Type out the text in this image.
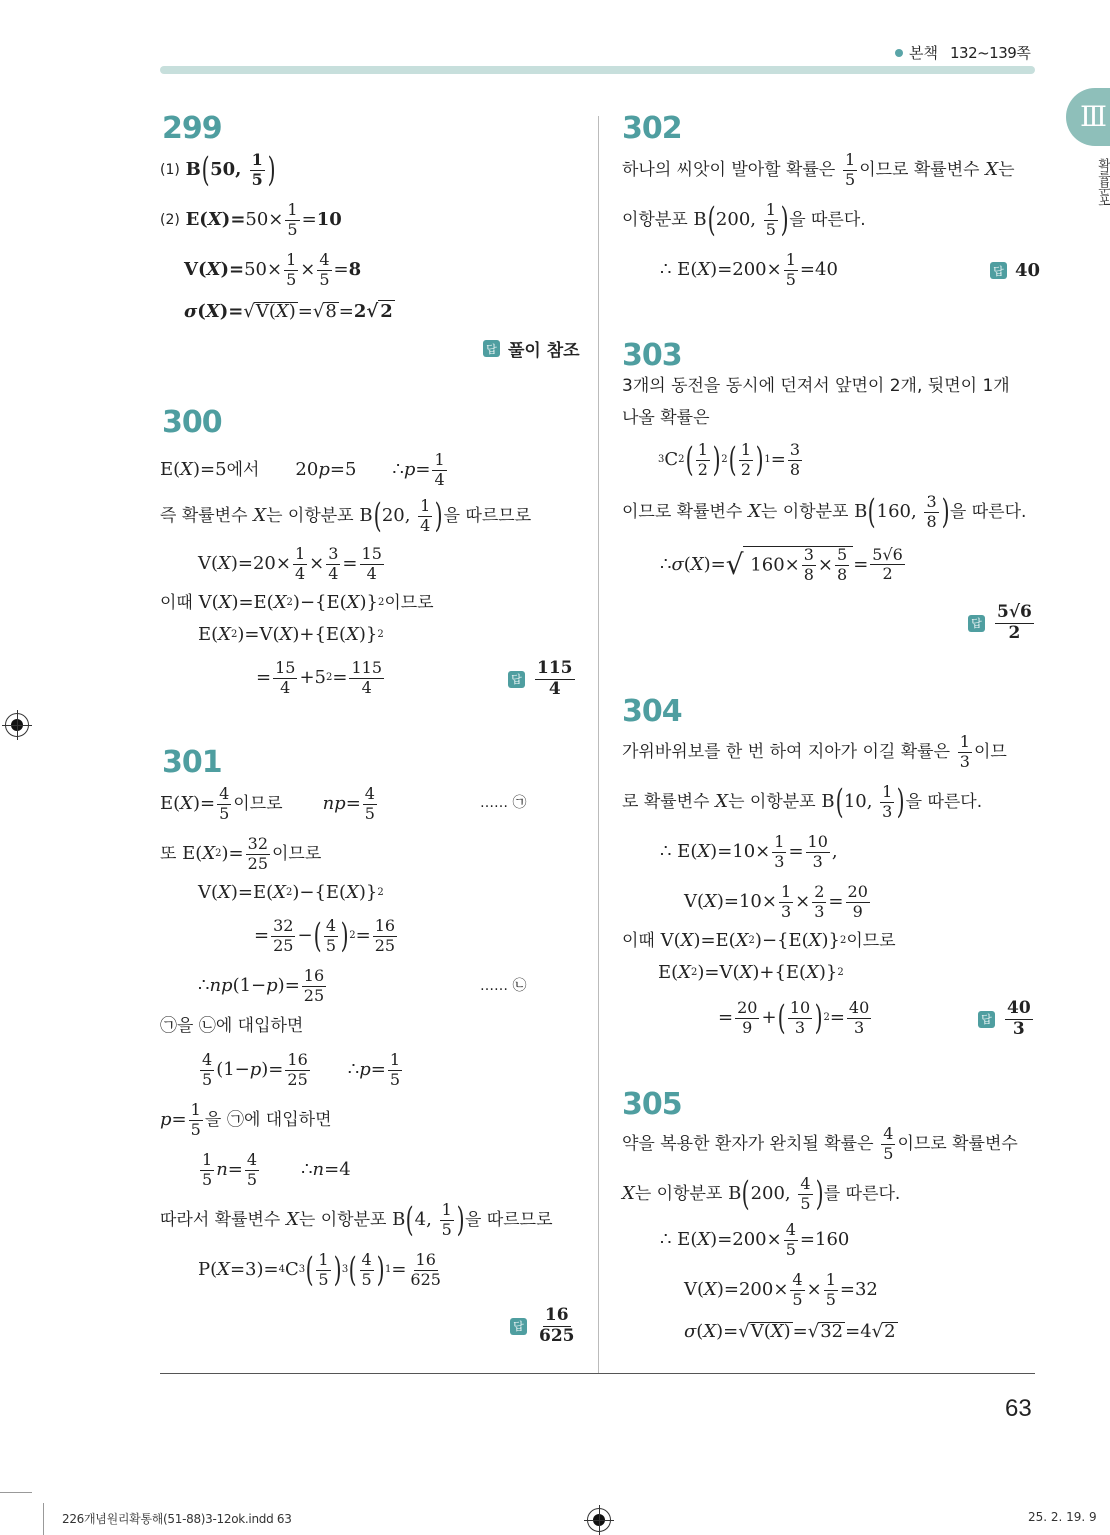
본책 132~139쪽
Ⅲ
확률분포
299
(1)
B ( 50, $\frac{1}{5}$ )
(2)
$E(X)= 50\times \frac{1}{5} = 10$
$V(X)= 50\times \frac{1}{5} \times \frac{4}{5} = 8$
σ (X)= √ V(X) = √ 8 = 2√ 2
답 풀이 참조
300
E( X )=5 에서 20 p =5
∴ $p = \frac{1}{4}$
즉 확률변수
X 는 이항분포 B ( 20, $\frac{1}{4}$ ) 을 따르므로
V( X )$=20\times \frac{1}{4} \times \frac{3}{4} = \frac{15}{4}$
이때 V( X )=E( X 2 )−{E( X )} 2 이므로
E( X 2 )=V( X )+{E( X )} 2
= $\frac{15}{4} +5$ $2 = \frac{115}{4}$	답 $\frac{115}{4}$
301
E( X )= $\frac{4}{5}$ 이므로 np = $\frac{4}{5}$	…… ㉠
또 E( X 2 )= $\frac{32}{25}$ 이므로
V( X )=E( X 2 )−{E( X )} 2
= $\frac{32}{25}$ − ( $\frac{4}{5}$ ) $2 = \frac{16}{25}$
∴ np (1− p )= $\frac{16}{25}$	…… ㉡
㉠을 ㉡에 대입하면
$\frac{4}{5} (1- p$ )= $\frac{16}{25}$ ∴ $p = \frac{1}{5}$
$p = \frac{1}{5}$ 을
㉠에 대입하면
$\frac{1}{5}$ $n = \frac{4}{5}$ ∴ n =4
따라서 확률변수
X 는 이항분포 B ( 4, $\frac{1}{5}$ ) 을 따르므로
P( X =3)= 4 C 3 ( $\frac{1}{5}$ ) 3 ( $\frac{4}{5}$ ) $1 = \frac{16}{625}$
답 $\frac{16}{625}$
302
하나의 씨앗이 발아할 확률은
$\frac{1}{5}$ 이므로 확률변수
X 는
이항분포 B ( 200, $\frac{1}{5}$ ) 을 따른다.
∴ E( X )$=200\times \frac{1}{5} =40$	답 40
303
3개의 동전을 동시에 던져서 앞면이 2개, 뒷면이 1개
나올 확률은
3 C 2 ( $\frac{1}{2}$ ) 2 ( $\frac{1}{2}$ ) $1 = \frac{3}{8}$
이므로 확률변수
X 는 이항분포 B ( 160, $\frac{3}{8}$ ) 을 따른다.
∴ σ ( X )= √ $160\times \frac{3}{8} \times \frac{5}{8} = \frac{5√6}{2}$
답 $\frac{5√6}{2}$
304
가위바위보를 한 번 하여 지아가 이길 확률은
$\frac{1}{3}$ 이므
로 확률변수
X 는 이항분포 B ( 10, $\frac{1}{3}$ ) 을 따른다.
∴ E( X )$=10\times \frac{1}{3} = \frac{10}{3}$ ,
V( X )$=10\times \frac{1}{3} \times \frac{2}{3} = \frac{20}{9}$
이때 V( X )=E( X 2 )−{E( X )} 2 이므로
E( X 2 )=V( X )+{E( X )} 2
= $\frac{20}{9}$ + ( $\frac{10}{3}$ ) $2 = \frac{40}{3}$	답 $\frac{40}{3}$
305
약을 복용한 환자가 완치될 확률은
$\frac{4}{5}$ 이므로 확률변수
X 는 이항분포 B ( 200, $\frac{4}{5}$ ) 를 따른다.
∴ E( X )$=200\times \frac{4}{5} =160$
V( X )$=200\times \frac{4}{5} \times \frac{1}{5} =32$
σ ( X )= √ V(X) = √ 32 =4 √ 2
63
226개념원리확통해(51-88)3-12ok.indd 63	25. 2. 19. 9
